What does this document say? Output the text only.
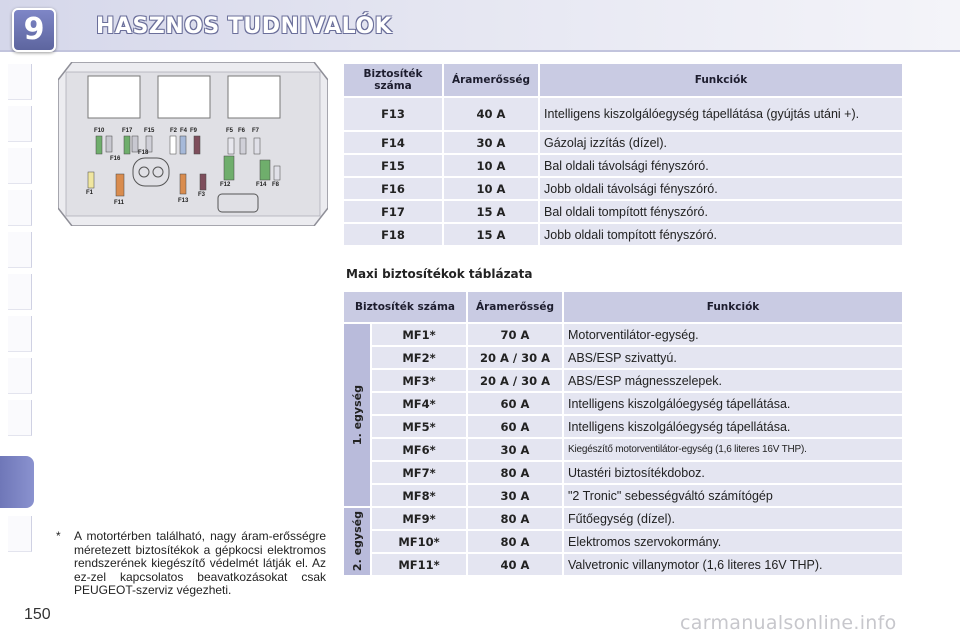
9	HASZNOS TUDNIVALÓK
F10	F17 F15	F2 F4 F9	F5 F6 F7
F16
F18
F12	F14 F8
F1
F11	F13
F3
Biztosíték száma	Áramerősség	Funkciók
F13	40 A	Intelligens kiszolgálóegység tápellátása (gyújtás utáni +).
F14	30 A	Gázolaj izzítás (dízel).
F15	10 A	Bal oldali távolsági fényszóró.
F16	10 A	Jobb oldali távolsági fényszóró.
F17	15 A	Bal oldali tompított fényszóró.
F18	15 A	Jobb oldali tompított fényszóró.
Maxi biztosítékok táblázata
Biztosíték száma		Áramerősség	Funkciók

1. egység	MF1*	70 A	Motorventilátor-egység.
	MF2*	20 A / 30 A	ABS/ESP szivattyú.
	MF3*	20 A / 30 A	ABS/ESP mágnesszelepek.
	MF4*	60 A	Intelligens kiszolgálóegység tápellátása.
	MF5*	60 A	Intelligens kiszolgálóegység tápellátása.
	MF6*	30 A	Kiegészítő motorventilátor-egység (1,6 literes 16V THP).
	MF7*	80 A	Utastéri biztosítékdoboz.
	MF8*	30 A	"2 Tronic" sebességváltó számítógép

2. egység	MF9*	80 A	Fűtőegység (dízel).
	MF10*	80 A	Elektromos szervokormány.
	MF11*	40 A	Valvetronic villanymotor (1,6 literes 16V THP).
*	A motortérben található, nagy áram-erősségre méretezett biztosítékok a gépkocsi elektromos rendszerének kiegészítő védelmét látják el. Az ez-zel kapcsolatos beavatkozásokat csak PEUGEOT-szerviz végezheti.
150	carmanualsonline.info
